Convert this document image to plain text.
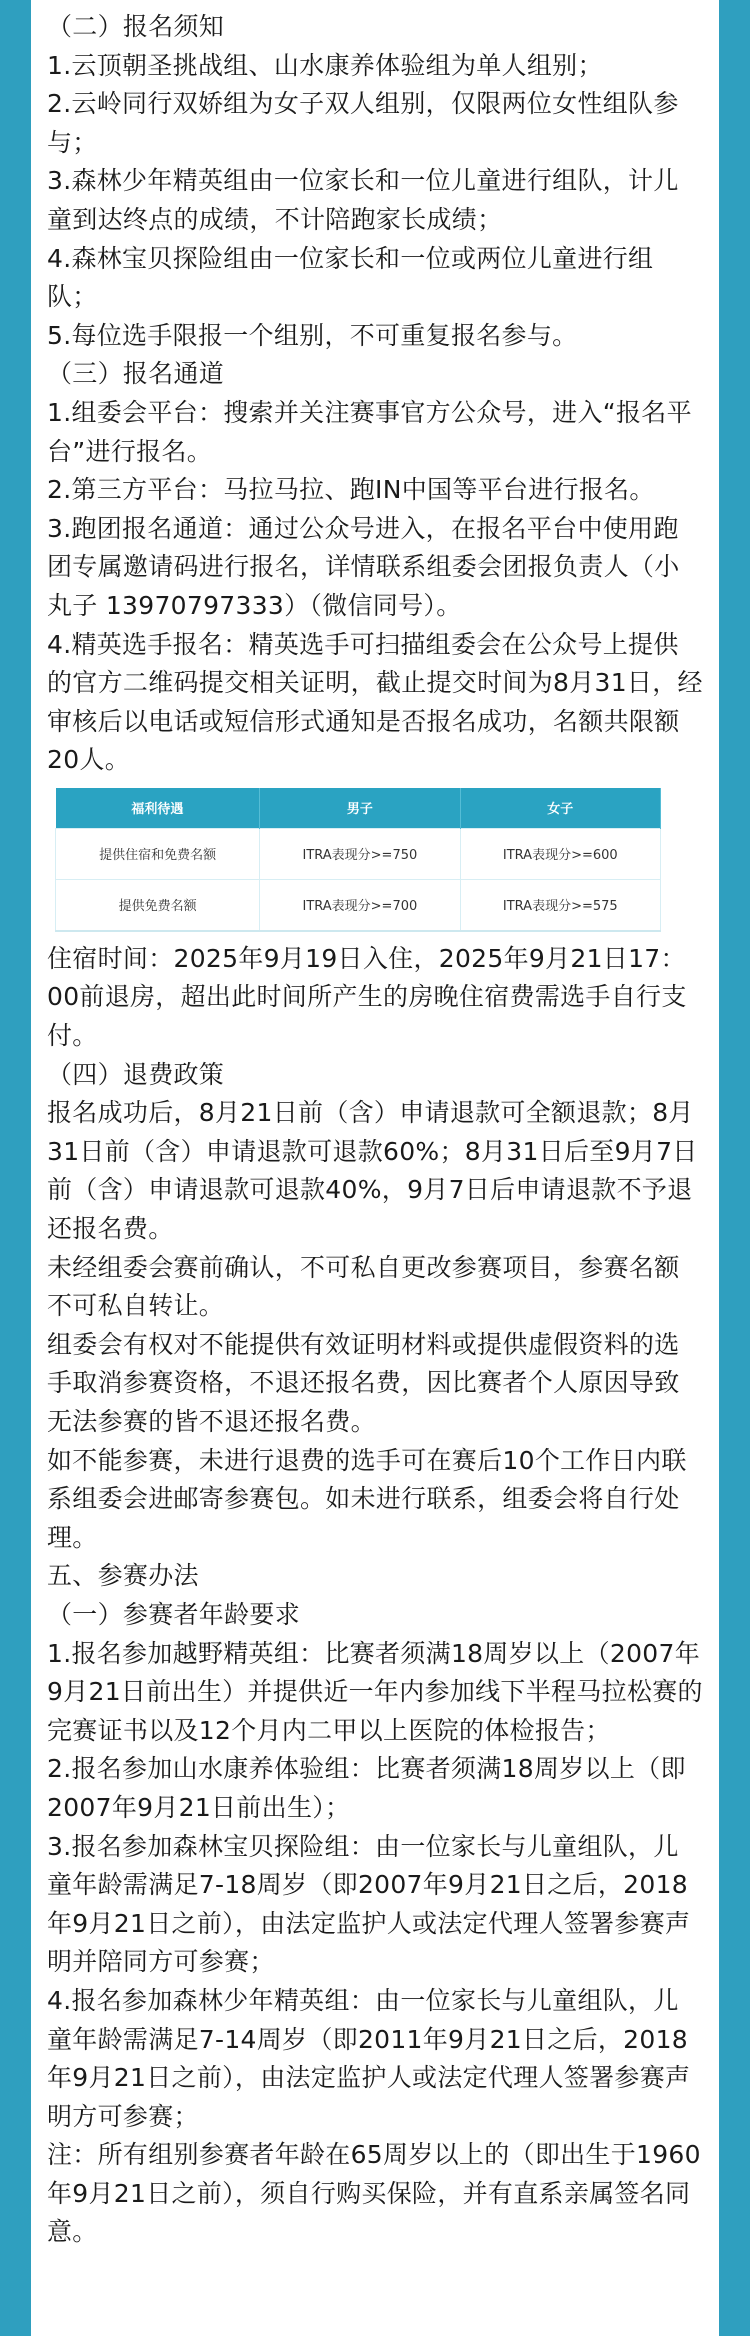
（二）报名须知

1.云顶朝圣挑战组、山水康养体验组为单人组别；

2.云岭同行双娇组为女子双人组别，仅限两位女性组队参与；

3.森林少年精英组由一位家长和一位儿童进行组队，计儿童到达终点的成绩，不计陪跑家长成绩；

4.森林宝贝探险组由一位家长和一位或两位儿童进行组队；

5.每位选手限报一个组别，不可重复报名参与。

（三）报名通道

1.组委会平台：搜索并关注赛事官方公众号，进入“报名平台”进行报名。

2.第三方平台：马拉马拉、跑IN中国等平台进行报名。

3.跑团报名通道：通过公众号进入，在报名平台中使用跑团专属邀请码进行报名，详情联系组委会团报负责人（小丸子 13970797333）（微信同号）。

4.精英选手报名：精英选手可扫描组委会在公众号上提供的官方二维码提交相关证明，截止提交时间为8月31日，经审核后以电话或短信形式通知是否报名成功，名额共限额20人。

福利待遇	男子	女子
提供住宿和免费名额	ITRA表现分>=750	ITRA表现分>=600
提供免费名额	ITRA表现分>=700	ITRA表现分>=575

住宿时间：2025年9月19日入住，2025年9月21日17：00前退房，超出此时间所产生的房晚住宿费需选手自行支付。

（四）退费政策

报名成功后，8月21日前（含）申请退款可全额退款；8月31日前（含）申请退款可退款60%；8月31日后至9月7日前（含）申请退款可退款40%，9月7日后申请退款不予退还报名费。

未经组委会赛前确认，不可私自更改参赛项目，参赛名额不可私自转让。

组委会有权对不能提供有效证明材料或提供虚假资料的选手取消参赛资格，不退还报名费，因比赛者个人原因导致无法参赛的皆不退还报名费。

如不能参赛，未进行退费的选手可在赛后10个工作日内联系组委会进邮寄参赛包。如未进行联系，组委会将自行处理。

五、参赛办法

（一）参赛者年龄要求

1.报名参加越野精英组：比赛者须满18周岁以上（2007年9月21日前出生）并提供近一年内参加线下半程马拉松赛的完赛证书以及12个月内二甲以上医院的体检报告；

2.报名参加山水康养体验组：比赛者须满18周岁以上（即2007年9月21日前出生）；

3.报名参加森林宝贝探险组：由一位家长与儿童组队，儿童年龄需满足7-18周岁（即2007年9月21日之后，2018年9月21日之前），由法定监护人或法定代理人签署参赛声明并陪同方可参赛；

4.报名参加森林少年精英组：由一位家长与儿童组队，儿童年龄需满足7-14周岁（即2011年9月21日之后，2018年9月21日之前），由法定监护人或法定代理人签署参赛声明方可参赛；

注：所有组别参赛者年龄在65周岁以上的（即出生于1960年9月21日之前），须自行购买保险，并有直系亲属签名同意。
